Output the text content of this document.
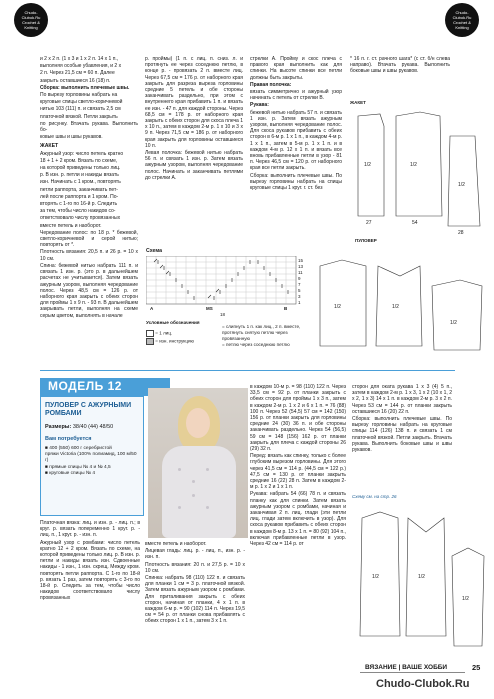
Chudo-Clubok.Ru Crochet & Knitting
Chudo-Clubok.Ru Crochet & Knitting

и 2 х 2 п. (1 х 3 и 1 х 2 п. 14 х 1 п.,

выполняя особые убавления, и 2 х

2 п. Через 21,5 см = 60 п. Далее

закрыть оставшиеся 16 (18) п.

Сборка: выполнить плечевые швы.

По вырезу горловины набрать на

круговые спицы светло-коричневой

нитью 103 (111) п. и связать 2,5 см

платочной вязкой. Петли закрыть

по рисунку. Втачать рукава. Выполнить бо-

ковые швы и швы рукавов.

ЖАКЕТ

Ажурный узор: число петель кратно

18 + 1 + 2 кром. Вязать по схеме,

на которой приведены только лиц.

р. В изн. р. петли и накиды вязать

изн. Начинать с 1 кром., повторять

петли раппорта, заканчивать пет-

лей после раппорта и 1 кром. По-

вторять с 1-го по 16-й р. Следить

за тем, чтобы число накидов со-

ответствовало числу провязанных

вместе петель и наоборот.

Чередование полос: по 18 р. * бежевой, светло-коричневой и серой нитью; повторять от *.

Плотность вязания: 20,5 п. и 26 р. = 10 x 10 см.

Спина: бежевой нитью набрать 111 п. и связать 1 изн. р. (это р. в дальнейшем расчетах не учитывается). Затем вязать ажурным узором, выполняя чередование полос. Через 48,5 см = 126 р. от наборного края закрыть с обеих сторон для проймы 1 х 9 п. - 93 п. В дальнейшем закрывать петли, выполняя на схеме серым цветом, выполнять в начале

р. проймы) (1 п. с лиц. п. сниз. л. и протянуть ее через соседнюю петлю, в конце р. - провязать 2 п. вместе лиц. Через 67,5 см = 176 р. от наборного края закрыть для разреза выреза горловины средние 5 петель и обе стороны заканчивать раздельно, при этом с внутреннего края прибавить 1 п. и вязать ее изн. - 47 п. для каждой стороны. Через 68,5 см = 178 р. от наборного края закрыть с обеих сторон для скоса плеча 1 х 10 п., затем в каждом 2-м р. 1 х 10 и 3 х 9 п. Через 71,5 см = 186 р. от наборного края закрыть для горловины оставшиеся 10 п.

Левая полочка: бежевой нитью набрать 56 п. и связать 1 изн. р. Затем вязать ажурным узором, выполняя чередование полос. Начинать и заканчивать петлями до стрелки А.

стрелки А. Пройму и скос плеча с правого края выполнить как для спинки. На высоте спинки все петли должны быть закрыты.

Правая полочка:

вязать симметрично и ажурный узор начинать с петель от стрелки В.

Рукава:

бежевой нитью набрать 57 п. и связать 1 изн. р. Затем вязать ажурным узором, выполняя чередование полос. Для скоса рукавов прибавить с обеих сторон в 6-м р. 1 х 1 п., в каждом 4-м р. 1 х 1 п., затем в 5-м р. 1 х 1 п. и в каждом 4-м р. 12 х 1 п. и вязать все вновь прибавленные петли в узор - 81 п. Через 46,5 см = 120 р. от наборного края все петли закрыть.

Сборка: выполнить плечевые швы. По вырезу горловины набрать на спицы круговые спицы 1 круг. г. ст. без

* 16 п. г. ст. рачного шага* (с ст. б/н слева направо). Втачать рукава. Выполнить боковые швы и швы рукавов.

ЖАКЕТ
1/2	1/2
1/2
27	54
28
ПУЛОВЕР
1/2	1/2
1/2
Схема
15
13
11
9
7
5
3
1
A	MS	B
18
Условные обозначения
= 1 лиц.
= изн. инструкцию
= слипнуть 1 п. как лиц., 2 п. вместе, протянуть снятую петлю через провязанную
= петлю через соседнюю петлю
МОДЕЛЬ 12
ПУЛОВЕР С АЖУРНЫМИ РОМБАМИ
Размеры: 38/40 (44) 48/50
Вам потребуется
■ 400 (550) 600 г серебристой
пряжи Victoria (100% полиамид, 100 м/50 г)
■ прямые спицы № 4 и № 4,5
■ круговые спицы № 4

Платочная вязка: лиц. и изн. р. - лиц. п.; в круг. р. вязать попеременно 1 круг. р. - лиц. п., 1 круг. р. - изн. п.

Ажурный узор с ромбами: число петель кратно 12 + 2 кром. Вязать по схеме, на которой приведены только лиц. р. В изн. р. петли и накиды вязать изн. Сдвоенные накиды - 1 изн., 1 изн. скрещ. Между кром. повторять петли раппорта. С 1-го по 18-й р. вязать 1 раз, затем повторять с 3-го по 18-й р. Следить за тем, чтобы число накидов соответствовало числу провязанных

вместе петель и наоборот.

Лицевая гладь: лиц. р. - лиц. п., изн. р. - изн. п.

Плотность вязания: 20 п. и 27,5 р. = 10 x 10 см.

Спинка: набрать 98 (110) 122 п. и связать для планки 1 см = 3 р. платочной вязкой. Затем вязать ажурным узором с ромбами. Для приталивания закрыть с обеих сторон, начиная от планки, 4 х 1 п. в каждом 6-м р. = 90 (102) 114 п. Через 19,5 см = 54 р. от планки снова прибавлять с обеих сторон 1 х 1 п., затем 3 х 1 п.

в каждом 10-м р. = 98 (110) 122 п. Через 33,5 см = 92 р. от планки закрыть с обеих сторон для проймы 1 х 3 п., затем в каждом 2-м р. 1 х 2 и 6 х 1 п. = 76 (88) 100 п. Через 52 (54,5) 57 см = 142 (150) 156 р. от планки закрыть для горловины средние 24 (30) 36 п. и обе стороны заканчивать раздельно. Через 54 (56,5) 59 см = 148 (156) 162 р. от планки закрыть для плеча с каждой стороны 26 (29) 32 п.

Перед: вязать как спинку, только с более глубоким вырезом горловины. Для этого через 41,5 см = 114 р. (44,5 см = 122 р.) 47,5 см = 130 р. от планки закрыть средние 16 (22) 28 п. Затем в каждом 2-м р. 1 х 2 и 1 х 1 п.

Рукава: набрать 54 (66) 78 п. и связать планку как для спинки. Затем вязать ажурным узором с ромбами, начиная и заканчивая 2 п. лиц. глади (эти петли лиц. глади затем включить в узор). Для скоса рукавов прибавить с обеих сторон в каждом 8-м р. 13 х 1 п. = 80 (92) 104 п., включая прибавленные петли в узор. Через 42 см = 114 р. от

сторон для оката рукава 1 х 3 (4) 5 п., затем в каждом 2-м р. 1 х 3, 1 х 2 (10 х 1, 2 х 2, 1 х 3) 14 х 1 п. в каждом 2-м р. 3 х 2 п. Через 53 см = 144 р. от планки закрыть оставшиеся 16 (20) 22 п.

Сборка: выполнить плечевые швы. По вырезу горловины набрать на круговые спицы 114 (126) 138 п. и связать 1 см платочной вязкой. Петли закрыть. Втачать рукава. Выполнить боковые швы и швы рукавов.

Схему см. на стр. 26
1/2	1/2
1/2
ВЯЗАНИЕ | ВАШЕ ХОББИ	25
Chudo-Clubok.Ru
